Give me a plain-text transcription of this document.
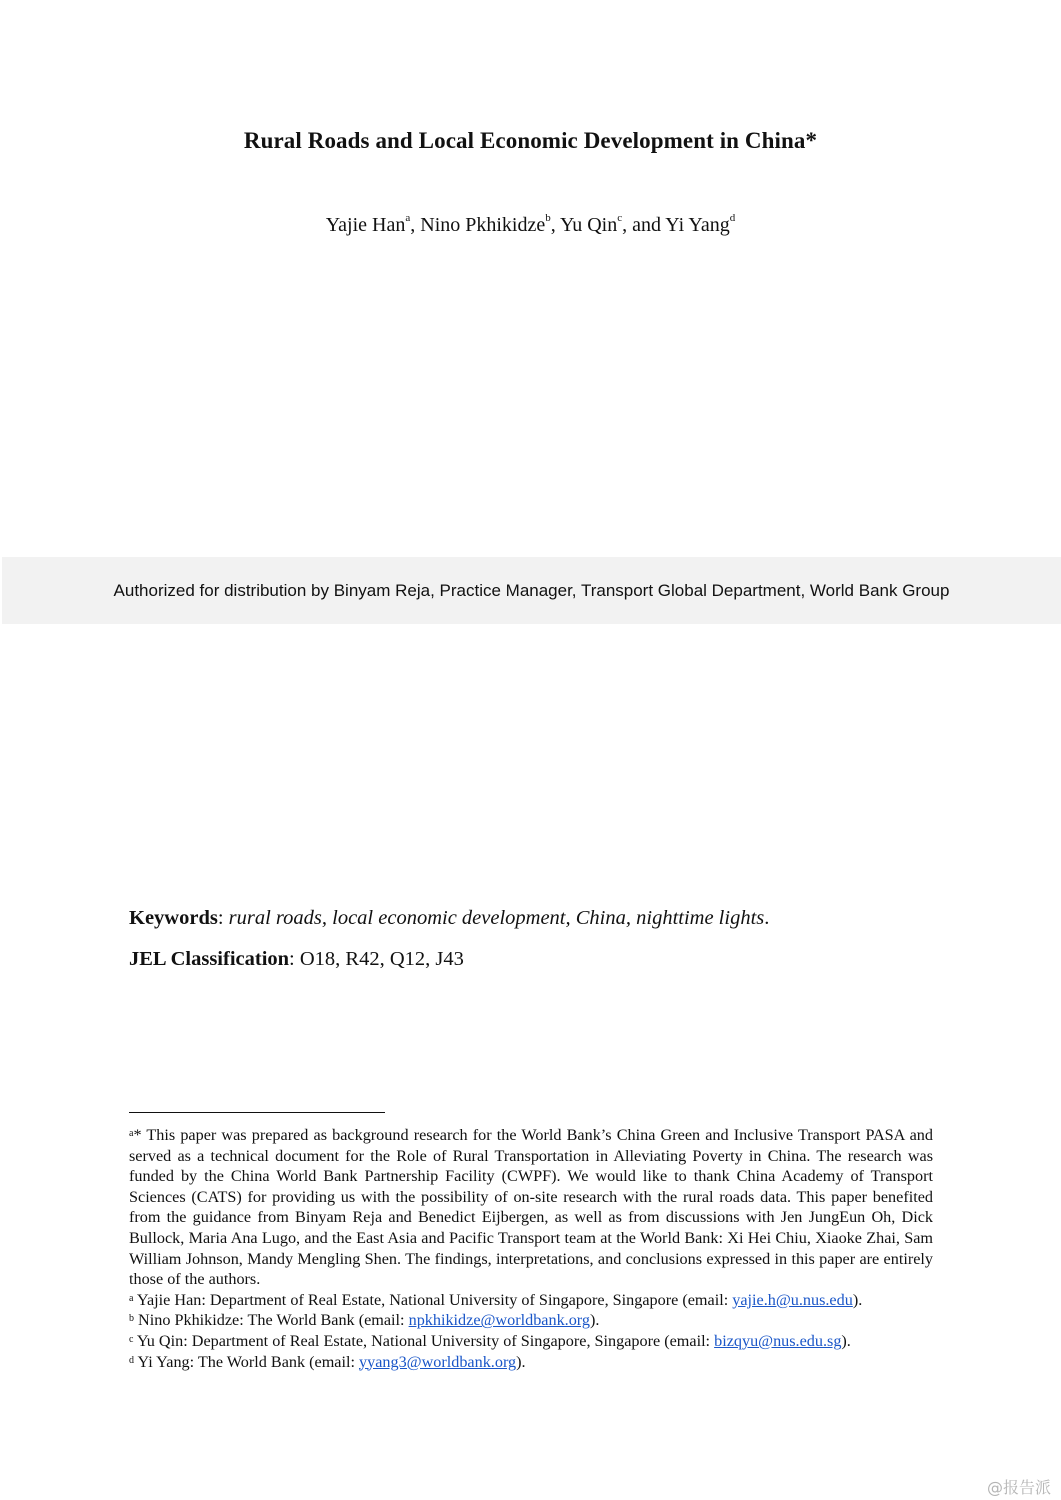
Rural Roads and Local Economic Development in China*
Yajie Han$^a$, Nino Pkhikidze$^b$, Yu Qin$^c$, and Yi Yang$^d$
Authorized for distribution by Binyam Reja, Practice Manager, Transport Global Department, World Bank Group
Keywords: rural roads, local economic development, China, nighttime lights.
JEL Classification: O18, R42, Q12, J43

$^a$* This paper was prepared as background research for the World Bank’s China Green and Inclusive Transport PASA and served as a technical document for the Role of Rural Transportation in Alleviating Poverty in China. The research was funded by the China World Bank Partnership Facility (CWPF). We would like to thank China Academy of Transport Sciences (CATS) for providing us with the possibility of on-site research with the rural roads data. This paper benefited from the guidance from Binyam Reja and Benedict Eijbergen, as well as from discussions with Jen JungEun Oh, Dick Bullock, Maria Ana Lugo, and the East Asia and Pacific Transport team at the World Bank: Xi Hei Chiu, Xiaoke Zhai, Sam William Johnson, Mandy Mengling Shen. The findings, interpretations, and conclusions expressed in this paper are entirely those of the authors.

$^a$ Yajie Han: Department of Real Estate, National University of Singapore, Singapore (email: yajie.h@u.nus.edu).

$^b$ Nino Pkhikidze: The World Bank (email: npkhikidze@worldbank.org).

$^c$ Yu Qin: Department of Real Estate, National University of Singapore, Singapore (email: bizqyu@nus.edu.sg).

$^d$ Yi Yang: The World Bank (email: yyang3@worldbank.org).

@报告派
